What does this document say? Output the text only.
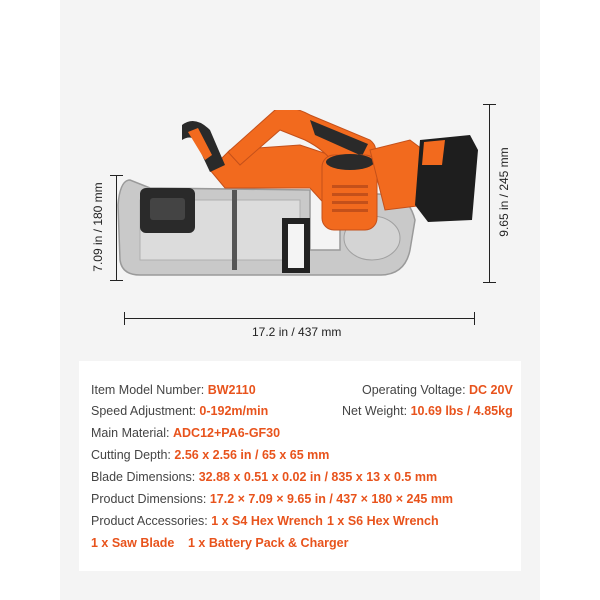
17.2 in / 437 mm
7.09 in / 180 mm	9.65 in / 245 mm
Item Model Number: BW2110	Operating Voltage: DC 20V
Speed Adjustment: 0-192m/min	Net Weight: 10.69 lbs / 4.85kg
Main Material: ADC12+PA6-GF30
Cutting Depth: 2.56 x 2.56 in / 65 x 65 mm
Blade Dimensions: 32.88 x 0.51 x 0.02 in / 835 x 13 x 0.5 mm
Product Dimensions: 17.2 × 7.09 × 9.65 in / 437 × 180 × 245 mm
Product Accessories: 1 x S4 Hex Wrench 1 x S6 Hex Wrench
1 x Saw Blade 1 x Battery Pack & Charger
